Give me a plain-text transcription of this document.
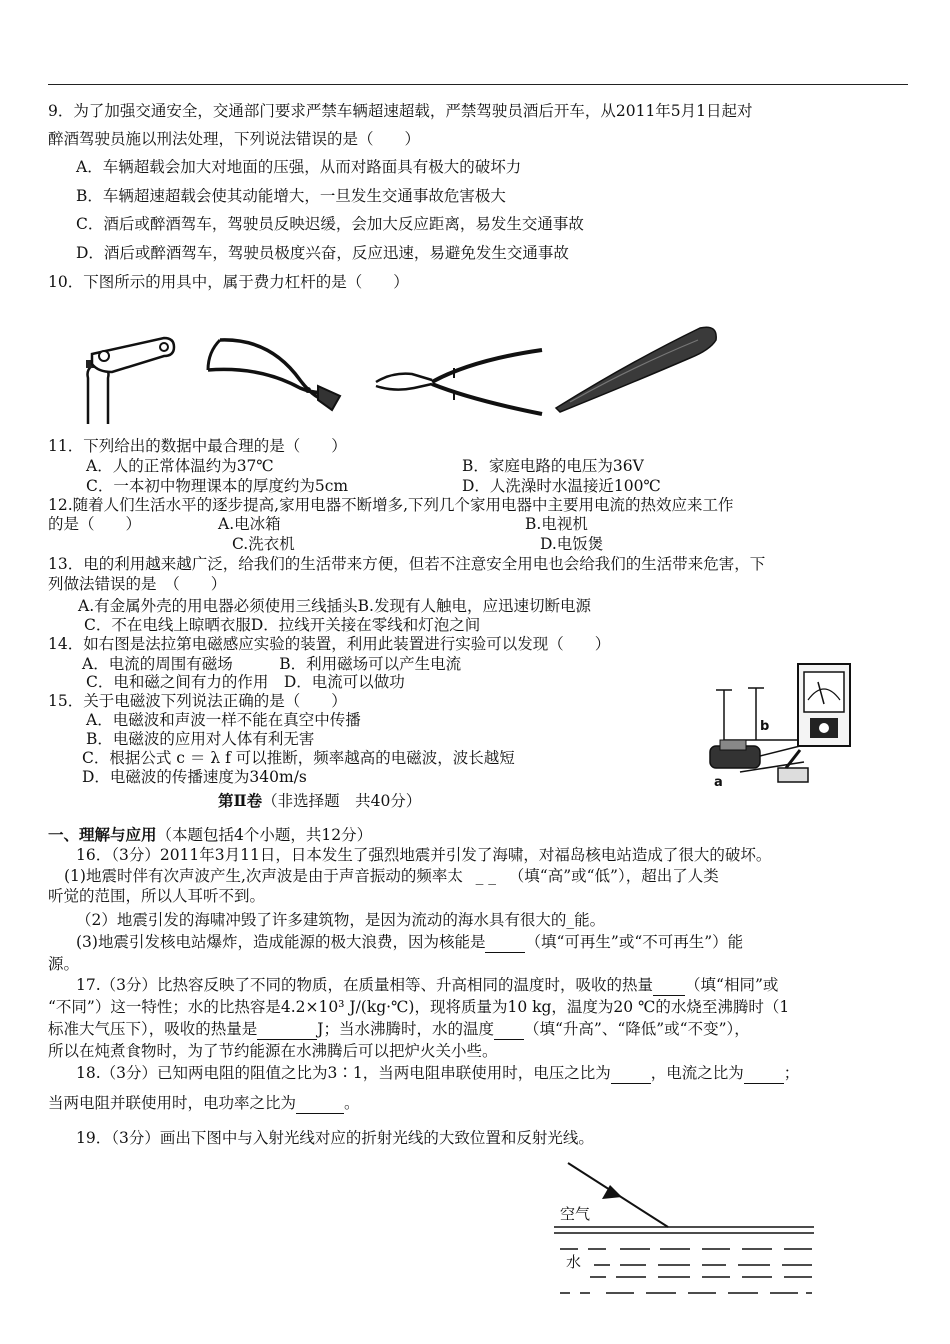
9．为了加强交通安全，交通部门要求严禁车辆超速超载，严禁驾驶员酒后开车，从2011年5月1日起对
醉酒驾驶员施以刑法处理，下列说法错误的是（　　）
A．车辆超载会加大对地面的压强，从而对路面具有极大的破坏力
B．车辆超速超载会使其动能增大，一旦发生交通事故危害极大
C．酒后或醉酒驾车，驾驶员反映迟缓，会加大反应距离，易发生交通事故
D．酒后或醉酒驾车，驾驶员极度兴奋，反应迅速，易避免发生交通事故
10．下图所示的用具中，属于费力杠杆的是（　　）
11．下列给出的数据中最合理的是（　　）
A．人的正常体温约为37℃	B．家庭电路的电压为36V
C．一本初中物理课本的厚度约为5cm	D．人洗澡时水温接近100℃
12.随着人们生活水平的逐步提高,家用电器不断增多,下列几个家用电器中主要用电流的热效应来工作
的是（　　）	A.电冰箱	B.电视机
C.洗衣机	D.电饭煲
13．电的利用越来越广泛，给我们的生活带来方便，但若不注意安全用电也会给我们的生活带来危害，下
列做法错误的是　（　　）
A.有金属外壳的用电器必须使用三线插头B.发现有人触电，应迅速切断电源
C．不在电线上晾晒衣服D．拉线开关接在零线和灯泡之间
14．如右图是法拉第电磁感应实验的装置，利用此装置进行实验可以发现（　　）
A．电流的周围有磁场　　　B．利用磁场可以产生电流
C．电和磁之间有力的作用　D．电流可以做功
15．关于电磁波下列说法正确的是（　　）
A．电磁波和声波一样不能在真空中传播
B．电磁波的应用对人体有利无害
C．根据公式 c ＝ λ f 可以推断，频率越高的电磁波，波长越短
D．电磁波的传播速度为340m/s	a
b
第Ⅱ卷（非选择题　共40分）
一、理解与应用（本题包括4个小题，共12分）
16．（3分）2011年3月11日，日本发生了强烈地震并引发了海啸，对福岛核电站造成了很大的破坏。
(1)地震时伴有次声波产生,次声波是由于声音振动的频率太 _ _ （填“高”或“低”），超出了人类
听觉的范围，所以人耳听不到。
（2）地震引发的海啸冲毁了许多建筑物，是因为流动的海水具有很大的_能。
(3)地震引发核电站爆炸，造成能源的极大浪费，因为核能是	（填“可再生”或“不可再生”）能
源。
17.（3分）比热容反映了不同的物质，在质量相等、升高相同的温度时，吸收的热量 （填“相同”或
“不同”）这一特性；水的比热容是4.2×10³ J/(kg·℃)，现将质量为10 kg，温度为20 ℃的水烧至沸腾时（1
标准大气压下），吸收的热量是	J；当水沸腾时，水的温度 （填“升高”、“降低”或“不变”），
所以在炖煮食物时，为了节约能源在水沸腾后可以把炉火关小些。
18.（3分）已知两电阻的阻值之比为3∶1，当两电阻串联使用时，电压之比为	，电流之比为	；
当两电阻并联使用时，电功率之比为	。
19．（3分）画出下图中与入射光线对应的折射光线的大致位置和反射光线。
空气
水
